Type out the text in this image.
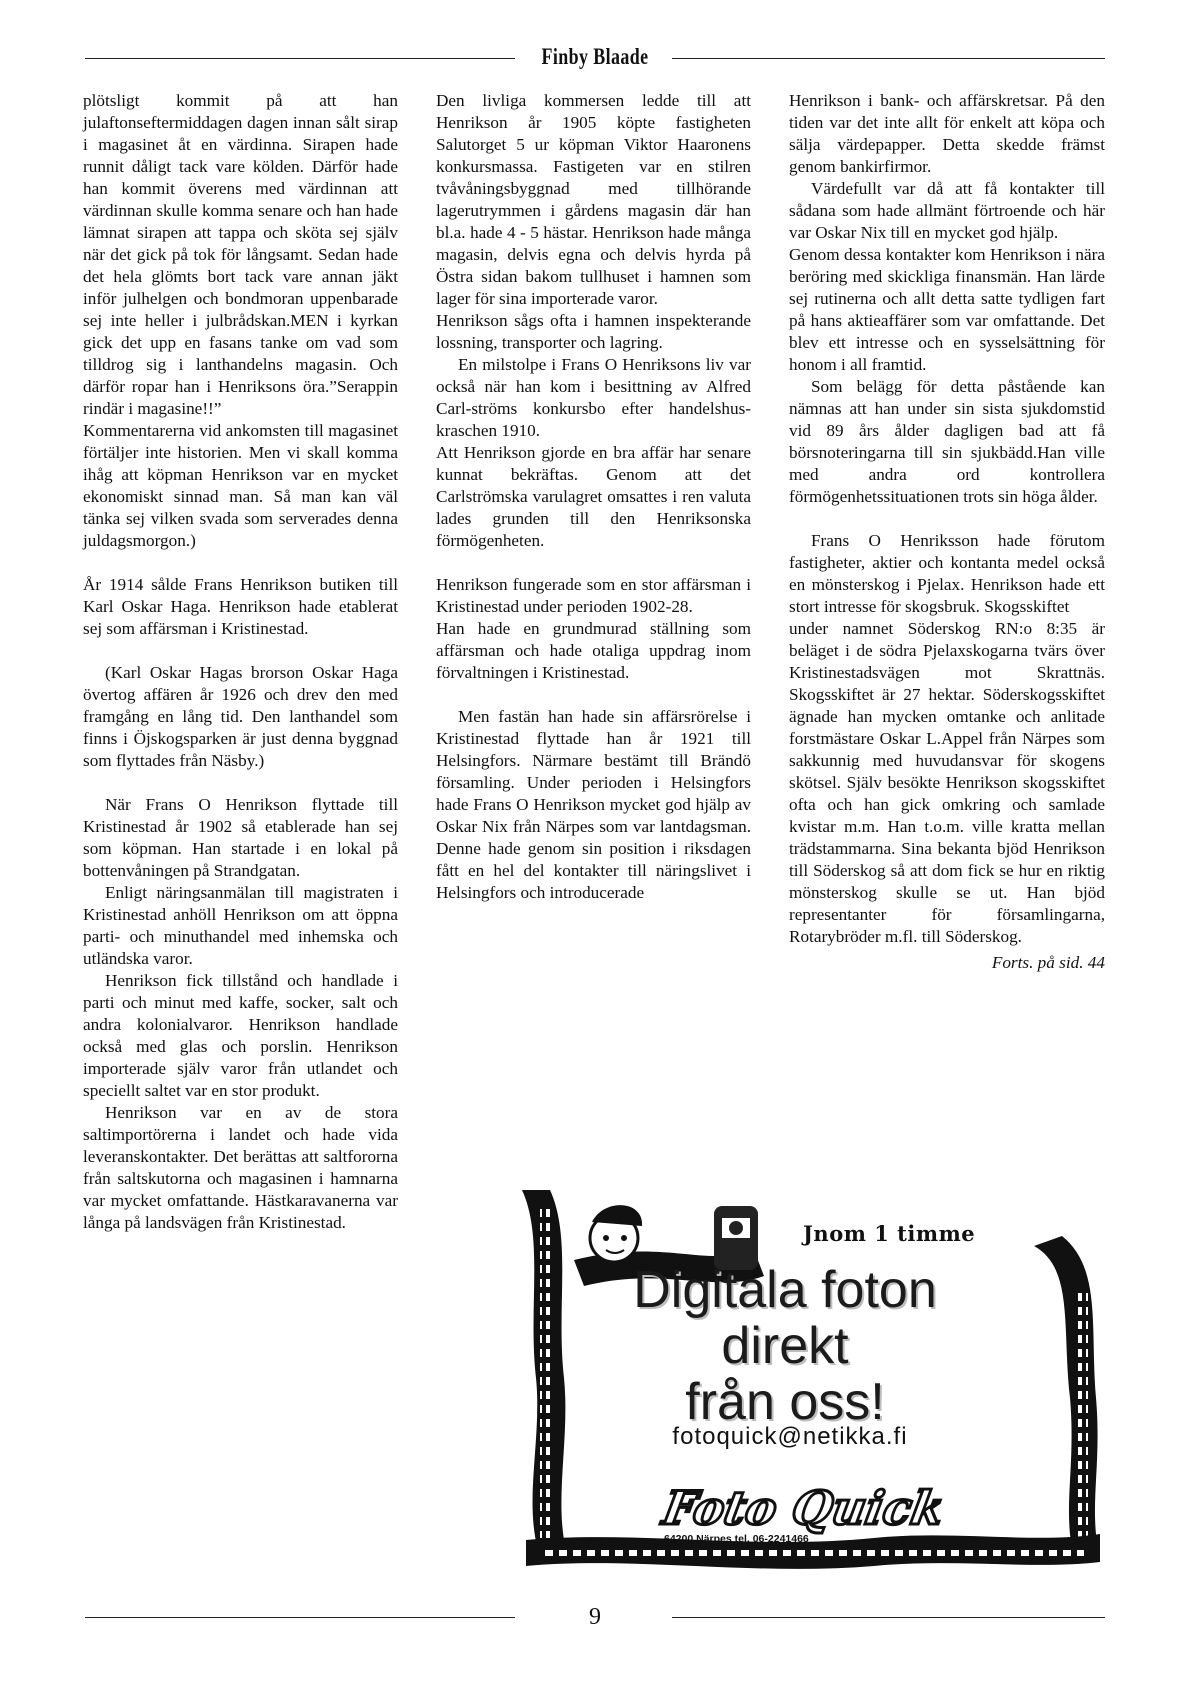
Finby Blaade

plötsligt kommit på att han julaftonseftermiddagen dagen innan sålt sirap i magasinet åt en värdinna. Sirapen hade runnit dåligt tack vare kölden. Därför hade han kommit överens med värdinnan att värdinnan skulle komma senare och han hade lämnat sirapen att tappa och sköta sej själv när det gick på tok för långsamt. Sedan hade det hela glömts bort tack vare annan jäkt inför julhelgen och bondmoran uppenbarade sej inte heller i julbrådskan.MEN i kyrkan gick det upp en fasans tanke om vad som tilldrog sig i lanthandelns magasin. Och därför ropar han i Henriksons öra.”Serappin rindär i magasine!!”

Kommentarerna vid ankomsten till magasinet förtäljer inte historien. Men vi skall komma ihåg att köpman Henrikson var en mycket ekonomiskt sinnad man. Så man kan väl tänka sej vilken svada som serverades denna juldagsmorgon.)

År 1914 sålde Frans Henrikson butiken till Karl Oskar Haga. Henrikson hade etablerat sej som affärsman i Kristinestad.

(Karl Oskar Hagas brorson Oskar Haga övertog affären år 1926 och drev den med framgång en lång tid. Den lanthandel som finns i Öjskogsparken är just denna byggnad som flyttades från Näsby.)

När Frans O Henrikson flyttade till Kristinestad år 1902 så etablerade han sej som köpman. Han startade i en lokal på bottenvåningen på Strandgatan.

Enligt näringsanmälan till magistraten i Kristinestad anhöll Henrikson om att öppna parti- och minuthandel med inhemska och utländska varor.

Henrikson fick tillstånd och handlade i parti och minut med kaffe, socker, salt och andra kolonialvaror. Henrikson handlade också med glas och porslin. Henrikson importerade själv varor från utlandet och speciellt saltet var en stor produkt.

Henrikson var en av de stora saltimportörerna i landet och hade vida leveranskontakter. Det berättas att saltfororna från saltskutorna och magasinen i hamnarna var mycket omfattande. Hästkaravanerna var långa på landsvägen från Kristinestad.

Den livliga kommersen ledde till att Henrikson år 1905 köpte fastigheten Salutorget 5 ur köpman Viktor Haaronens konkursmassa. Fastigeten var en stilren tvåvåningsbyggnad med tillhörande lagerutrymmen i gårdens magasin där han bl.a. hade 4 - 5 hästar. Henrikson hade många magasin, delvis egna och delvis hyrda på Östra sidan bakom tullhuset i hamnen som lager för sina importerade varor.

Henrikson sågs ofta i hamnen inspekterande lossning, transporter och lagring.

En milstolpe i Frans O Henriksons liv var också när han kom i besittning av Alfred Carl-ströms konkursbo efter handelshus-kraschen 1910.

Att Henrikson gjorde en bra affär har senare kunnat bekräftas. Genom att det Carlströmska varulagret omsattes i ren valuta lades grunden till den Henriksonska förmögenheten.

Henrikson fungerade som en stor affärsman i Kristinestad under perioden 1902-28.

Han hade en grundmurad ställning som affärsman och hade otaliga uppdrag inom förvaltningen i Kristinestad.

Men fastän han hade sin affärsrörelse i Kristinestad flyttade han år 1921 till Helsingfors. Närmare bestämt till Brändö församling. Under perioden i Helsingfors hade Frans O Henrikson mycket god hjälp av Oskar Nix från Närpes som var lantdagsman. Denne hade genom sin position i riksdagen fått en hel del kontakter till näringslivet i Helsingfors och introducerade

Henrikson i bank- och affärskretsar. På den tiden var det inte allt för enkelt att köpa och sälja värdepapper. Detta skedde främst genom bankirfirmor.

Värdefullt var då att få kontakter till sådana som hade allmänt förtroende och här var Oskar Nix till en mycket god hjälp.

Genom dessa kontakter kom Henrikson i nära beröring med skickliga finansmän. Han lärde sej rutinerna och allt detta satte tydligen fart på hans aktieaffärer som var omfattande. Det blev ett intresse och en sysselsättning för honom i all framtid.

Som belägg för detta påstående kan nämnas att han under sin sista sjukdomstid vid 89 års ålder dagligen bad att få börsnoteringarna till sin sjukbädd.Han ville med andra ord kontrollera förmögenhetssituationen trots sin höga ålder.

Frans O Henriksson hade förutom fastigheter, aktier och kontanta medel också en mönsterskog i Pjelax. Henrikson hade ett stort intresse för skogsbruk. Skogsskiftet

under namnet Söderskog RN:o 8:35 är beläget i de södra Pjelaxskogarna tvärs över Kristinestadsvägen mot Skrattnäs. Skogsskiftet är 27 hektar. Söderskogsskiftet ägnade han mycken omtanke och anlitade forstmästare Oskar L.Appel från Närpes som sakkunnig med huvudansvar för skogens skötsel. Själv besökte Henrikson skogsskiftet ofta och han gick omkring och samlade kvistar m.m. Han t.o.m. ville kratta mellan trädstammarna. Sina bekanta bjöd Henrikson till Söderskog så att dom fick se hur en riktig mönsterskog skulle se ut. Han bjöd representanter för församlingarna, Rotarybröder m.fl. till Söderskog.

Forts. på sid. 44

Jnom 1 timme
Digitala foton
direkt
från oss!
fotoquick@netikka.fi
Foto Quick
64200 Närpes tel. 06-2241466
9
